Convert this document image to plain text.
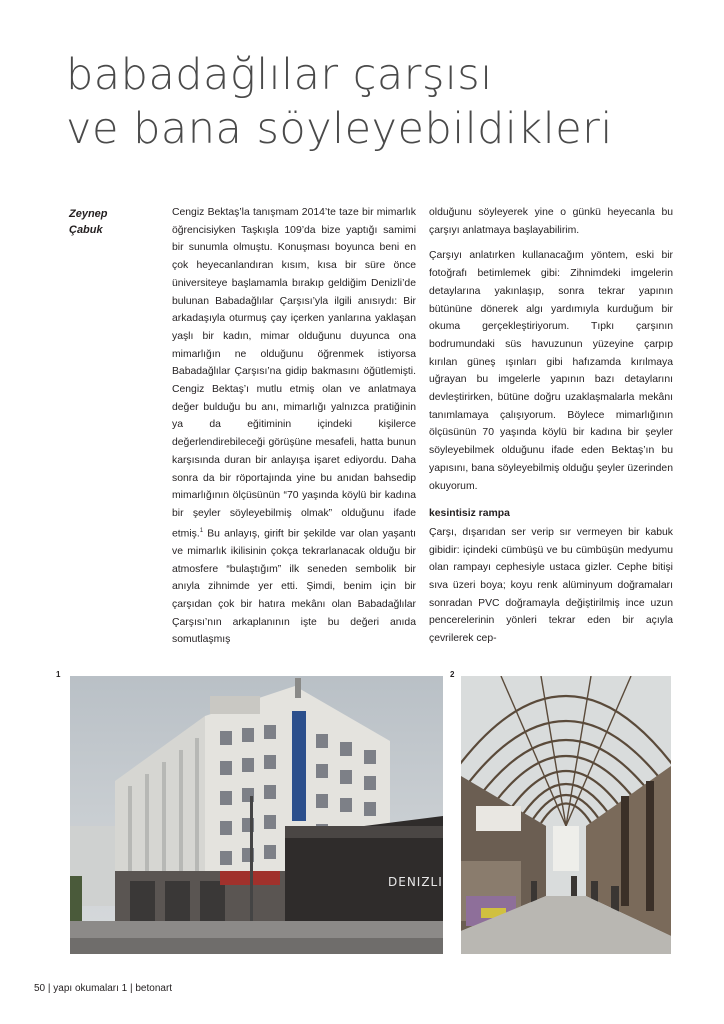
babadağlılar çarşısı
ve bana söyleyebildikleri
Zeynep
Çabuk

Cengiz Bektaş’la tanışmam 2014’te taze bir mimarlık öğrencisiyken Taşkışla 109’da bize yaptığı samimi bir sunumla olmuştu. Konuşması boyunca beni en çok heyecanlandıran kısım, kısa bir süre önce üniversiteye başlamamla bırakıp geldiğim Denizli’de bulunan Babadağlılar Çarşısı’yla ilgili anısıydı: Bir arkadaşıyla oturmuş çay içerken yanlarına yaklaşan yaşlı bir kadın, mimar olduğunu duyunca ona mimarlığın ne olduğunu öğrenmek istiyorsa Babadağlılar Çarşısı’na gidip bakmasını öğütlemişti. Cengiz Bektaş’ı mutlu etmiş olan ve anlatmaya değer bulduğu bu anı, mimarlığı yalnızca pratiğinin ya da eğitiminin içindeki kişilerce değerlendirebileceği görüşüne mesafeli, hatta bunun karşısında duran bir anlayışa işaret ediyordu. Daha sonra da bir röportajında yine bu anıdan bahsedip mimarlığının ölçüsünün “70 yaşında köylü bir kadına bir şeyler söyleyebilmiş olmak” olduğunu ifade etmiş.$^1$ Bu anlayış, girift bir şekilde var olan yaşantı ve mimarlık ikilisinin çokça tekrarlanacak olduğu bir atmosfere “bulaştığım” ilk seneden sembolik bir anıyla zihnimde yer etti. Şimdi, benim için bir çarşıdan çok bir hatıra mekânı olan Babadağlılar Çarşısı’nın arkaplanının işte bu değeri anıda somutlaşmış

olduğunu söyleyerek yine o günkü heyecanla bu çarşıyı anlatmaya başlayabilirim.

Çarşıyı anlatırken kullanacağım yöntem, eski bir fotoğrafı betimlemek gibi: Zihnimdeki imgelerin detaylarına yakınlaşıp, sonra tekrar yapının bütününe dönerek algı yardımıyla kurduğum bir okuma gerçekleştiriyorum. Tıpkı çarşının bodrumundaki süs havuzunun yüzeyine çarpıp kırılan güneş ışınları gibi hafızamda kırılmaya uğrayan bu imgelerle yapının bazı detaylarını devleştirirken, bütüne doğru uzaklaşmalarla mekânı tanımlamaya çalışıyorum. Böylece mimarlığının ölçüsünün 70 yaşında köylü bir kadına bir şeyler söyleyebilmek olduğunu ifade eden Bektaş’ın bu yapısını, bana söyleyebilmiş olduğu şeyler üzerinden okuyorum.

kesintisiz rampa

Çarşı, dışarıdan ser verip sır vermeyen bir kabuk gibidir: içindeki cümbüşü ve bu cümbüşün medyumu olan rampayı cephesiyle ustaca gizler. Cephe bitişi sıva üzeri boya; koyu renk alüminyum doğramaları sonradan PVC doğramayla değiştirilmiş ince uzun pencerelerinin yönleri tekrar eden bir açıyla çevrilerek cep-

1	2
DENIZLI
50 | yapı okumaları 1 | betonart
